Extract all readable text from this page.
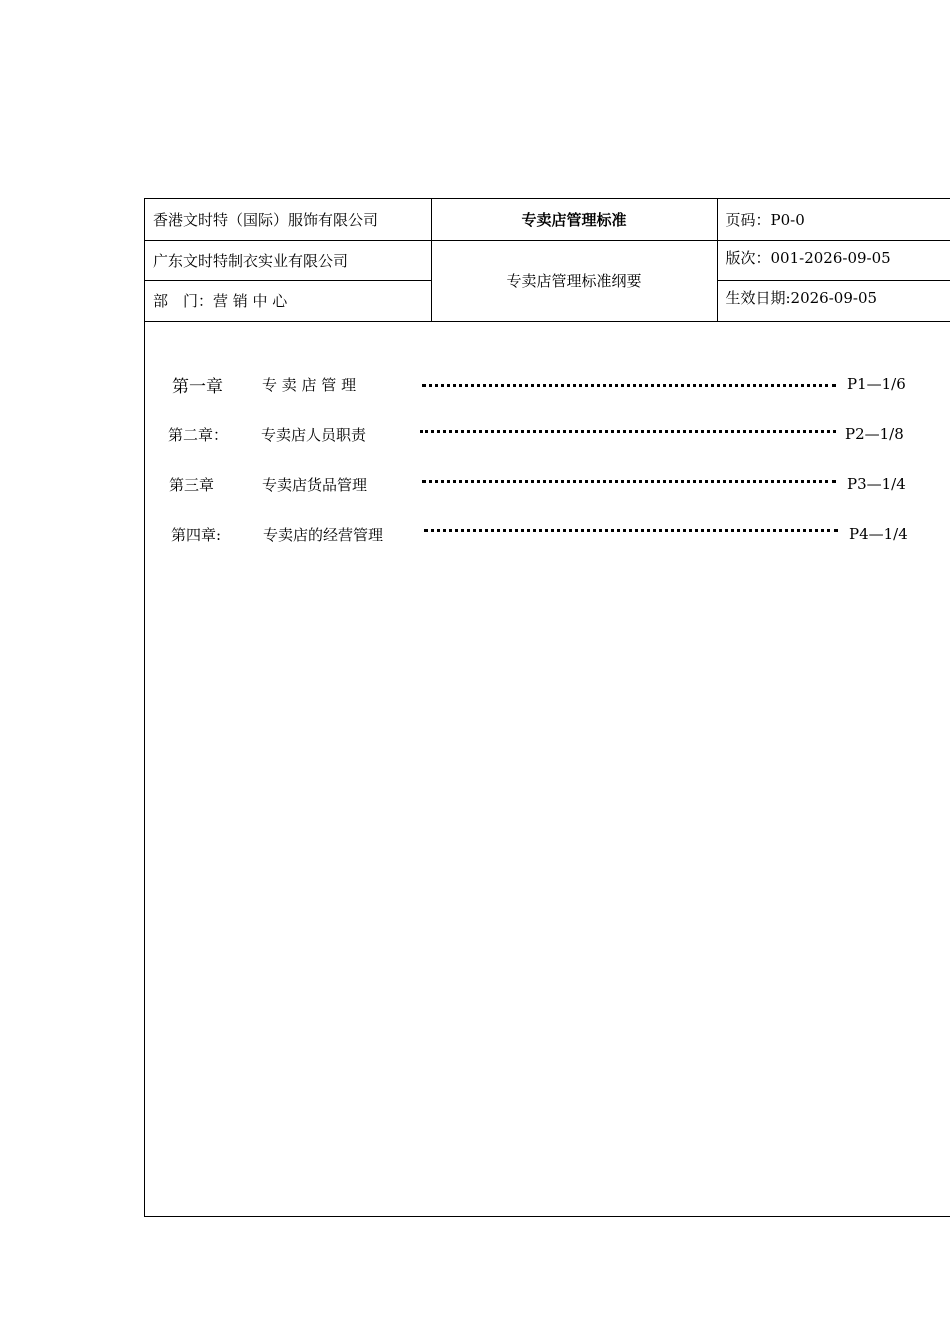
香港文时特（国际）服饰有限公司	专卖店管理标准	页码：P0-0
广东文时特制衣实业有限公司	专卖店管理标准纲要	版次：001-2026-09-05
部　门：营 销 中 心		生效日期:2026-09-05
第一章	专 卖 店 管 理	P1—1/6
第二章：	专卖店人员职责	P2—1/8
第三章	专卖店货品管理	P3—1/4
第四章:	专卖店的经营管理	P4—1/4
